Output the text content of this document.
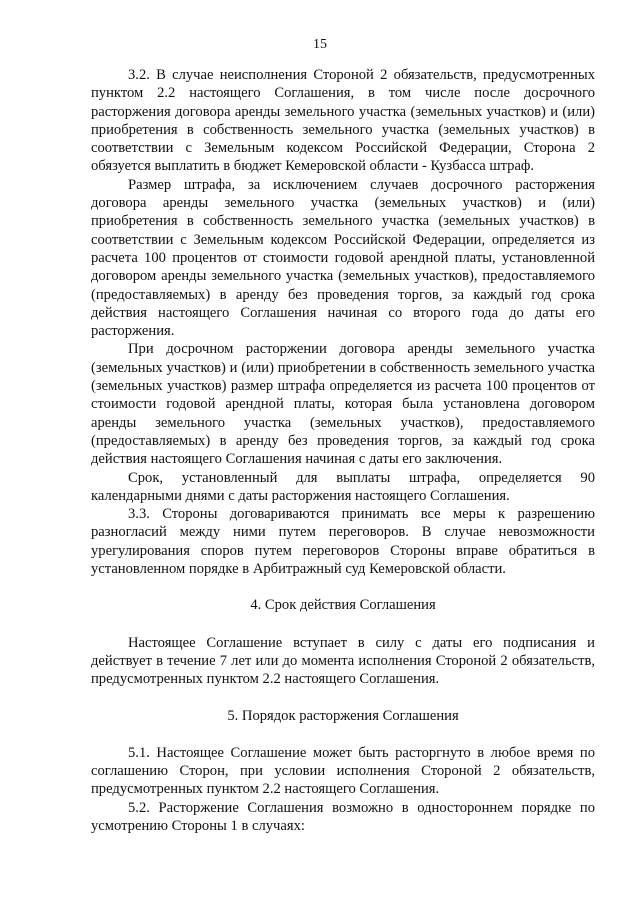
15

3.2. В случае неисполнения Стороной 2 обязательств, предусмотренных пунктом 2.2 настоящего Соглашения, в том числе после досрочного расторжения договора аренды земельного участка (земельных участков) и (или) приобретения в собственность земельного участка (земельных участков) в соответствии с Земельным кодексом Российской Федерации, Сторона 2 обязуется выплатить в бюджет Кемеровской области - Кузбасса штраф.

Размер штрафа, за исключением случаев досрочного расторжения договора аренды земельного участка (земельных участков) и (или) приобретения в собственность земельного участка (земельных участков) в соответствии с Земельным кодексом Российской Федерации, определяется из расчета 100 процентов от стоимости годовой арендной платы, установленной договором аренды земельного участка (земельных участков), предоставляемого (предоставляемых) в аренду без проведения торгов, за каждый год срока действия настоящего Соглашения начиная со второго года до даты его расторжения.

При досрочном расторжении договора аренды земельного участка (земельных участков) и (или) приобретении в собственность земельного участка (земельных участков) размер штрафа определяется из расчета 100 процентов от стоимости годовой арендной платы, которая была установлена договором аренды земельного участка (земельных участков), предоставляемого (предоставляемых) в аренду без проведения торгов, за каждый год срока действия настоящего Соглашения начиная с даты его заключения.

Срок, установленный для выплаты штрафа, определяется 90 календарными днями с даты расторжения настоящего Соглашения.

3.3. Стороны договариваются принимать все меры к разрешению разногласий между ними путем переговоров. В случае невозможности урегулирования споров путем переговоров Стороны вправе обратиться в установленном порядке в Арбитражный суд Кемеровской области.

4. Срок действия Соглашения

Настоящее Соглашение вступает в силу с даты его подписания и действует в течение 7 лет или до момента исполнения Стороной 2 обязательств, предусмотренных пунктом 2.2 настоящего Соглашения.

5. Порядок расторжения Соглашения

5.1. Настоящее Соглашение может быть расторгнуто в любое время по соглашению Сторон, при условии исполнения Стороной 2 обязательств, предусмотренных пунктом 2.2 настоящего Соглашения.

5.2. Расторжение Соглашения возможно в одностороннем порядке по усмотрению Стороны 1 в случаях:
